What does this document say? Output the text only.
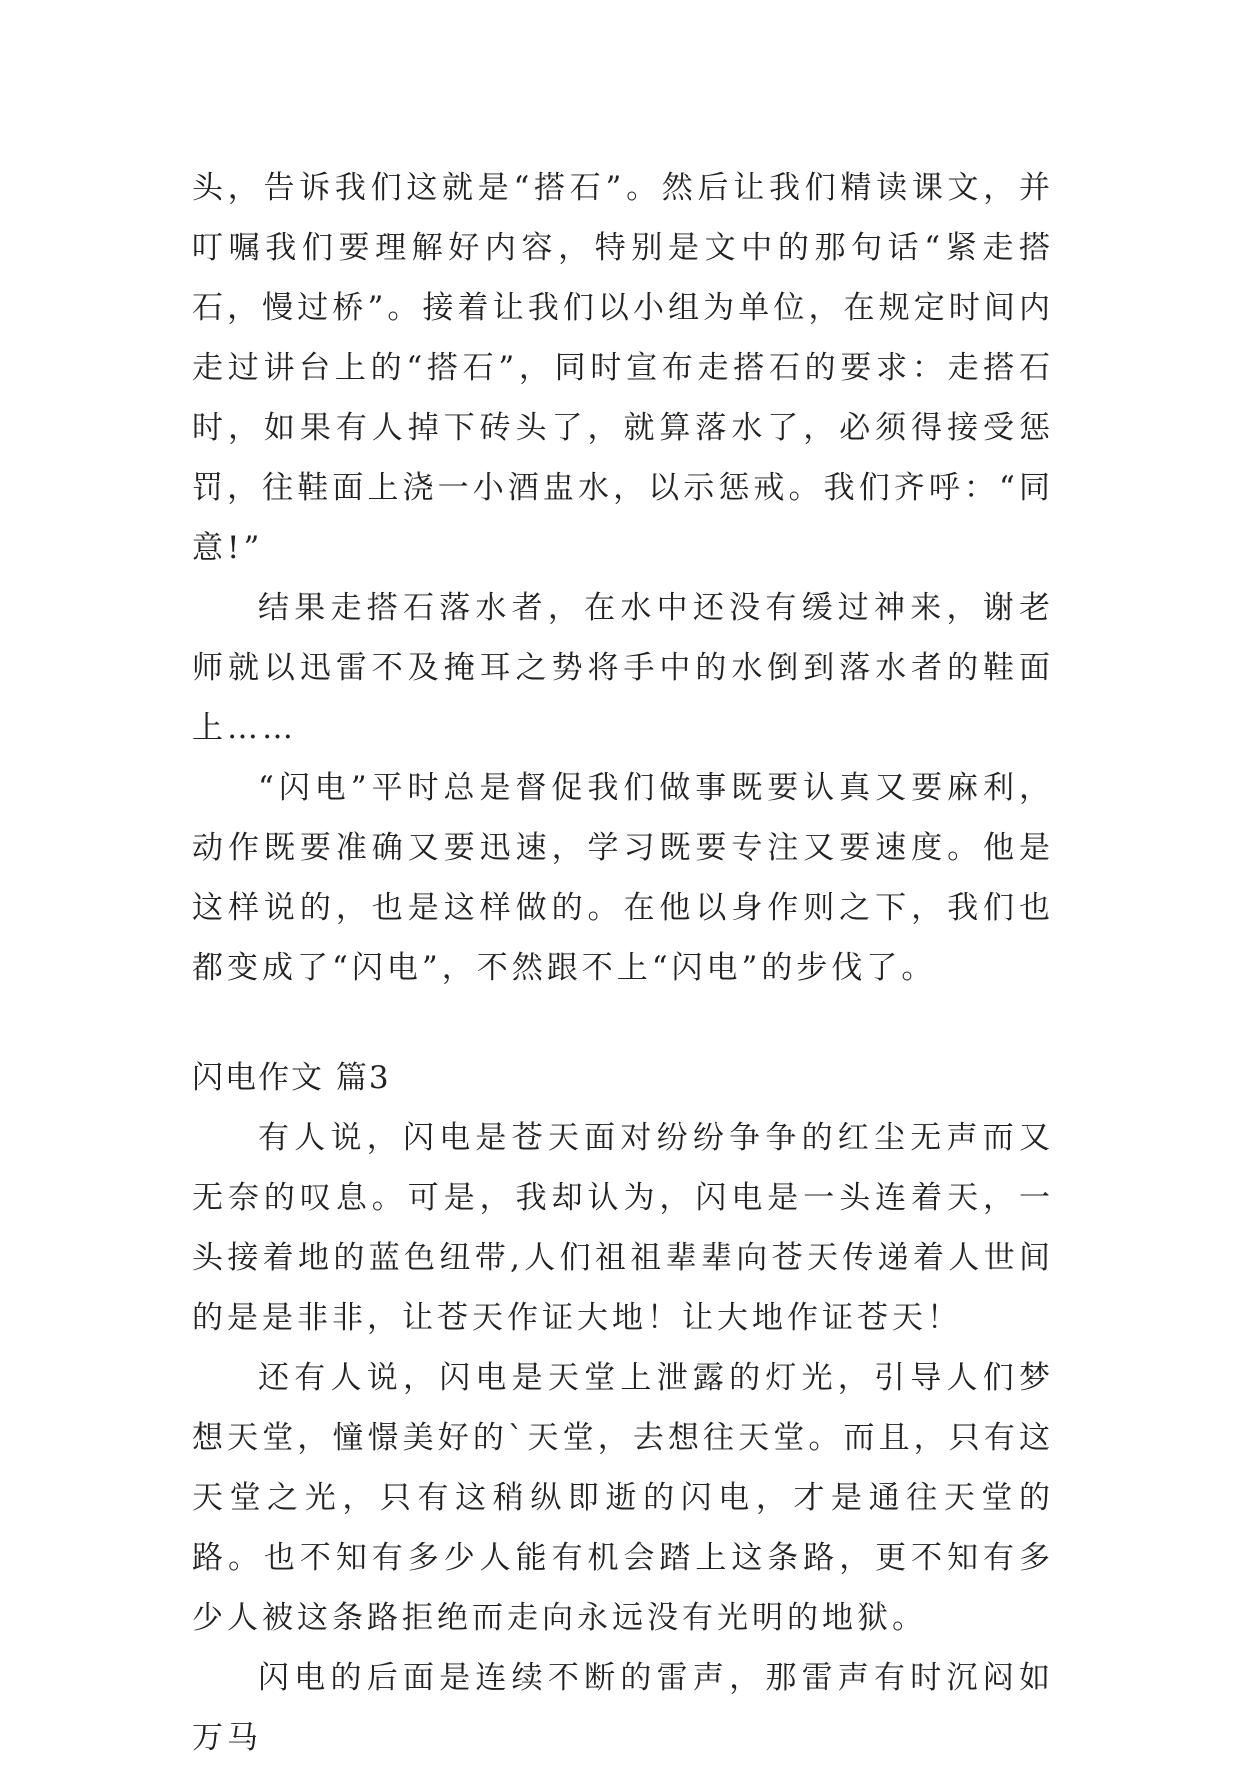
头，告诉我们这就是“搭石”。然后让我们精读课文，并叮嘱我们要理解好内容，特别是文中的那句话“紧走搭石，慢过桥”。接着让我们以小组为单位，在规定时间内走过讲台上的“搭石”，同时宣布走搭石的要求：走搭石时，如果有人掉下砖头了，就算落水了，必须得接受惩罚，往鞋面上浇一小酒盅水，以示惩戒。我们齐呼：“同意!”

结果走搭石落水者，在水中还没有缓过神来，谢老师就以迅雷不及掩耳之势将手中的水倒到落水者的鞋面上……

“闪电”平时总是督促我们做事既要认真又要麻利，动作既要准确又要迅速，学习既要专注又要速度。他是这样说的，也是这样做的。在他以身作则之下，我们也都变成了“闪电”，不然跟不上“闪电”的步伐了。

闪电作文 篇3

有人说，闪电是苍天面对纷纷争争的红尘无声而又无奈的叹息。可是，我却认为，闪电是一头连着天，一头接着地的蓝色纽带,人们祖祖辈辈向苍天传递着人世间的是是非非，让苍天作证大地！让大地作证苍天！

还有人说，闪电是天堂上泄露的灯光，引导人们梦想天堂，憧憬美好的`天堂，去想往天堂。而且，只有这天堂之光，只有这稍纵即逝的闪电，才是通往天堂的路。也不知有多少人能有机会踏上这条路，更不知有多少人被这条路拒绝而走向永远没有光明的地狱。

闪电的后面是连续不断的雷声，那雷声有时沉闷如万马
